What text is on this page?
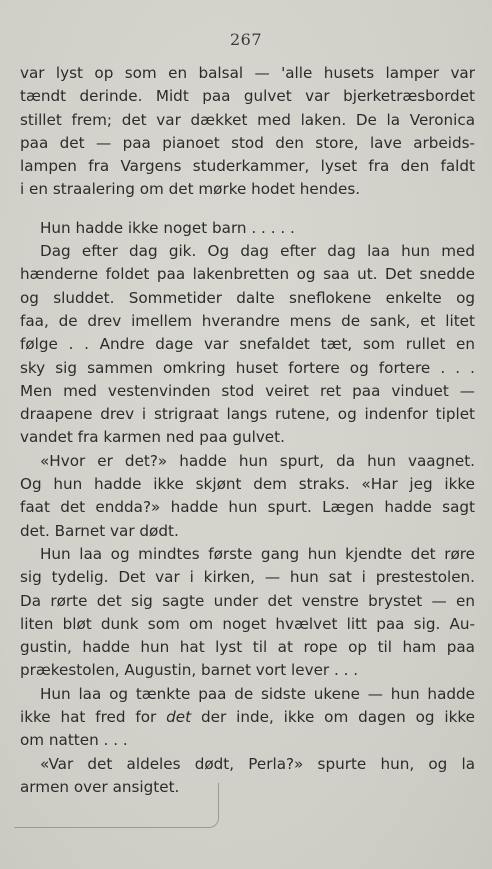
267

var lyst op som en balsal — 'alle husets lamper var
tændt derinde. Midt paa gulvet var bjerketræsbordet
stillet frem; det var dækket med laken. De la Veronica
paa det — paa pianoet stod den store, lave arbeids-
lampen fra Vargens studerkammer, lyset fra den faldt
i en straalering om det mørke hodet hendes.

Hun hadde ikke noget barn . . . . .

Dag efter dag gik. Og dag efter dag laa hun med
hænderne foldet paa lakenbretten og saa ut. Det snedde
og sluddet. Sommetider dalte sneflokene enkelte og
faa, de drev imellem hverandre mens de sank, et litet
følge . . Andre dage var snefaldet tæt, som rullet en
sky sig sammen omkring huset fortere og fortere . . .
Men med vestenvinden stod veiret ret paa vinduet —
draapene drev i strigraat langs rutene, og indenfor tiplet
vandet fra karmen ned paa gulvet.

«Hvor er det?» hadde hun spurt, da hun vaagnet.
Og hun hadde ikke skjønt dem straks. «Har jeg ikke
faat det endda?» hadde hun spurt. Lægen hadde sagt
det. Barnet var dødt.

Hun laa og mindtes første gang hun kjendte det røre
sig tydelig. Det var i kirken, — hun sat i prestestolen.
Da rørte det sig sagte under det venstre brystet — en
liten bløt dunk som om noget hvælvet litt paa sig. Au-
gustin, hadde hun hat lyst til at rope op til ham paa
prækestolen, Augustin, barnet vort lever . . .

Hun laa og tænkte paa de sidste ukene — hun hadde
ikke hat fred for det der inde, ikke om dagen og ikke
om natten . . .

«Var det aldeles dødt, Perla?» spurte hun, og la
armen over ansigtet.
